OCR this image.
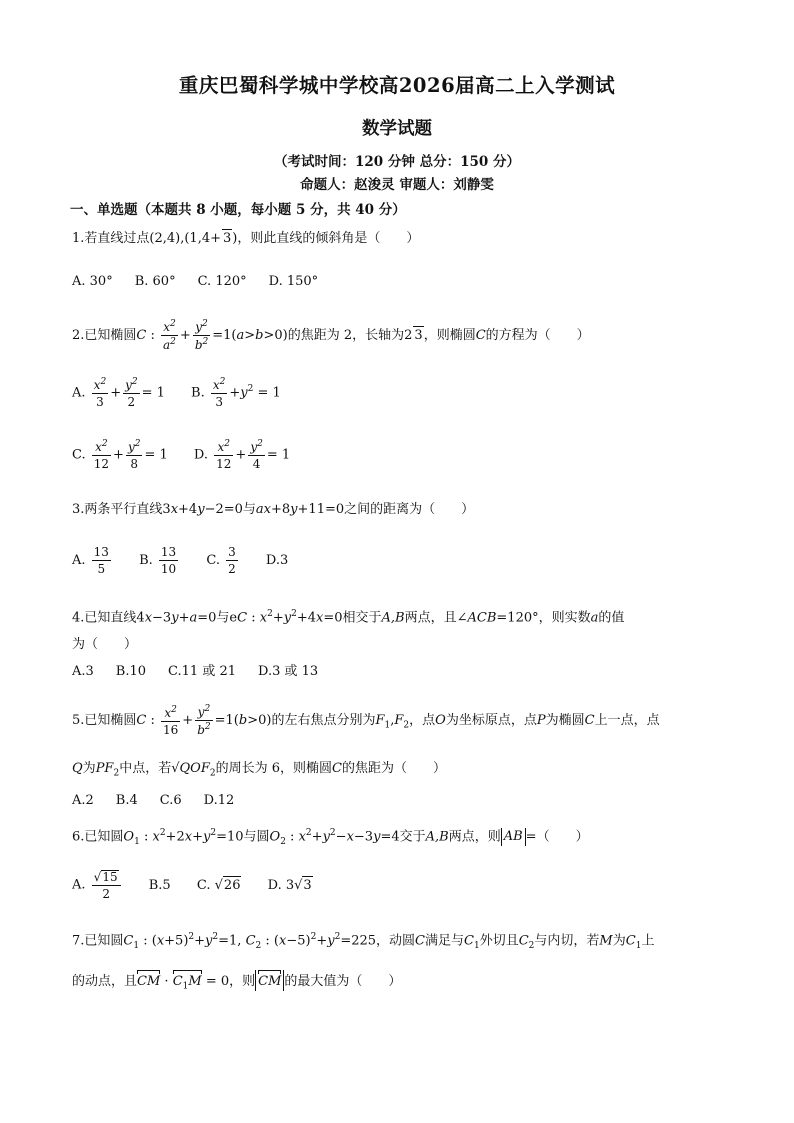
重庆巴蜀科学城中学校高2026届高二上入学测试
数学试题
（考试时间：120 分钟 总分：150 分）
命题人：赵浚灵 审题人：刘静雯
一、单选题（本题共 8 小题，每小题 5 分，共 40 分）
1.若直线过点(2,4),(1,4+ 3)，则此直线的倾斜角是（　　）
A. 30° B. 60° C. 120° D. 150°
2.已知椭圆C : $\frac{x^2}{a^2} + \frac{y^2}{b^2} =1(a>b>0)$的焦距为 2，长轴为2 3，则椭圆C的方程为（　　）
A. $\frac{x^2}{3} + \frac{y^2}{2} = 1$ B. $\frac{x^2}{3} +y^2 = 1$
C. $\frac{x^2}{12} + \frac{y^2}{8} = 1$ D. $\frac{x^2}{12} + \frac{y^2}{4} = 1$
3.两条平行直线3x+4y−2=0与ax+8y+11=0之间的距离为（　　）
A. $\frac{13}{5} B$. $\frac{13}{10} C$. $\frac{3}{2} D.3$
4.已知直线4x−3y+a=0与eC : $x^2+y^2+4x=0$相交于A,B两点，且∠ACB=120°，则实数a的值
为（　　）
A.3 B.10 C.11 或 21 D.3 或 13
5.已知椭圆C : $\frac{x^2}{16} + \frac{y^2}{b^2} =1(b>0)$的左右焦点分别为$F_1,F_2$，点O为坐标原点，点P为椭圆C上一点，点
Q为$PF_2$中点，若$√QOF_2$的周长为 6，则椭圆C的焦距为（　　）
A.2 B.4 C.6 D.12
6.已知圆$O_1$ : $x^2+2x+y^2=10$与圆$O_2$ : $x^2+y^2-x-3y=4$交于A,B两点，则 AB =（　　）
A. $\frac{√15}{2} B.5$ C. √26 D. 3√3
7.已知圆$C_1$ : $(x+5)^2+y^2=1$, $C_2$ : $(x-5)^2+y^2=225$，动圆C满足与$C_1$外切且$C_2$与内切，若M为$C_1$上
的动点，且CM · $C_1M = 0$，则 CM 的最大值为（　　）
